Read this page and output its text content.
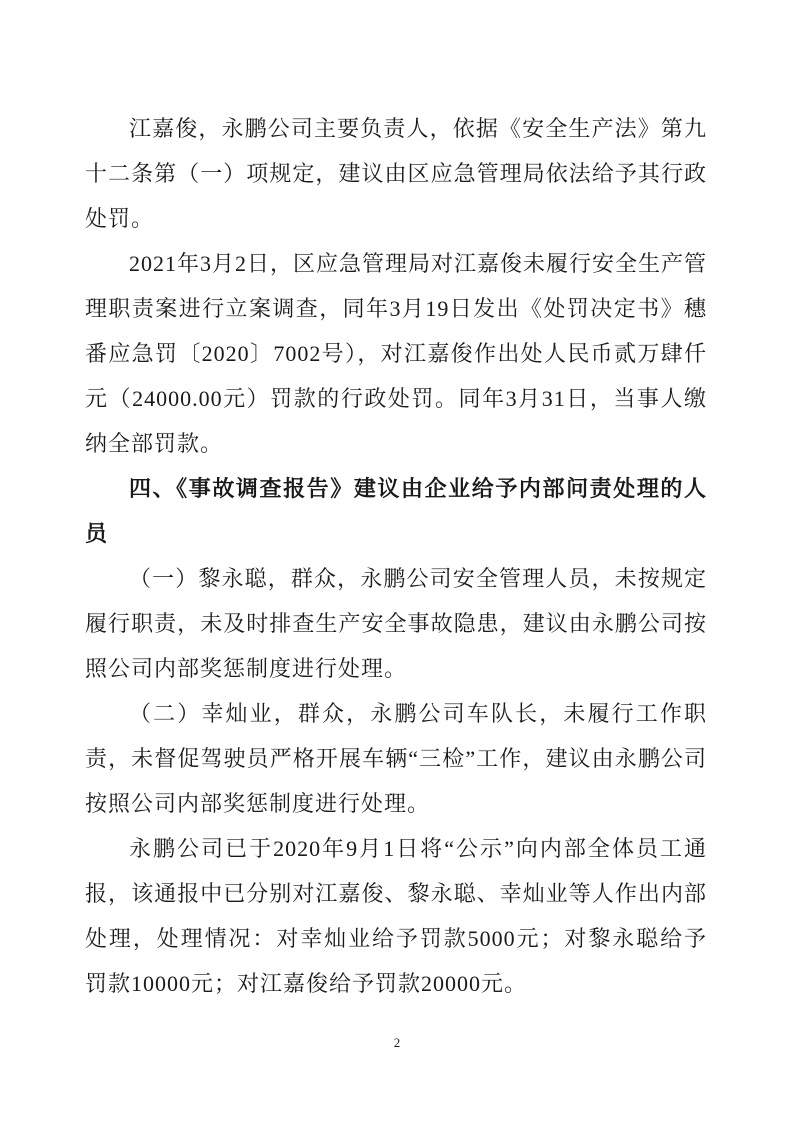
江嘉俊，永鹏公司主要负责人，依据《安全生产法》第九十二条第（一）项规定，建议由区应急管理局依法给予其行政处罚。

2021年3月2日，区应急管理局对江嘉俊未履行安全生产管理职责案进行立案调查，同年3月19日发出《处罚决定书》穗番应急罚〔2020〕7002号），对江嘉俊作出处人民币贰万肆仟元（24000.00元）罚款的行政处罚。同年3月31日，当事人缴纳全部罚款。

四、《事故调查报告》建议由企业给予内部问责处理的人员

（一）黎永聪，群众，永鹏公司安全管理人员，未按规定履行职责，未及时排查生产安全事故隐患，建议由永鹏公司按照公司内部奖惩制度进行处理。

（二）幸灿业，群众，永鹏公司车队长，未履行工作职责，未督促驾驶员严格开展车辆“三检”工作，建议由永鹏公司按照公司内部奖惩制度进行处理。

永鹏公司已于2020年9月1日将“公示”向内部全体员工通报，该通报中已分别对江嘉俊、黎永聪、幸灿业等人作出内部处理，处理情况：对幸灿业给予罚款5000元；对黎永聪给予罚款10000元；对江嘉俊给予罚款20000元。

2
